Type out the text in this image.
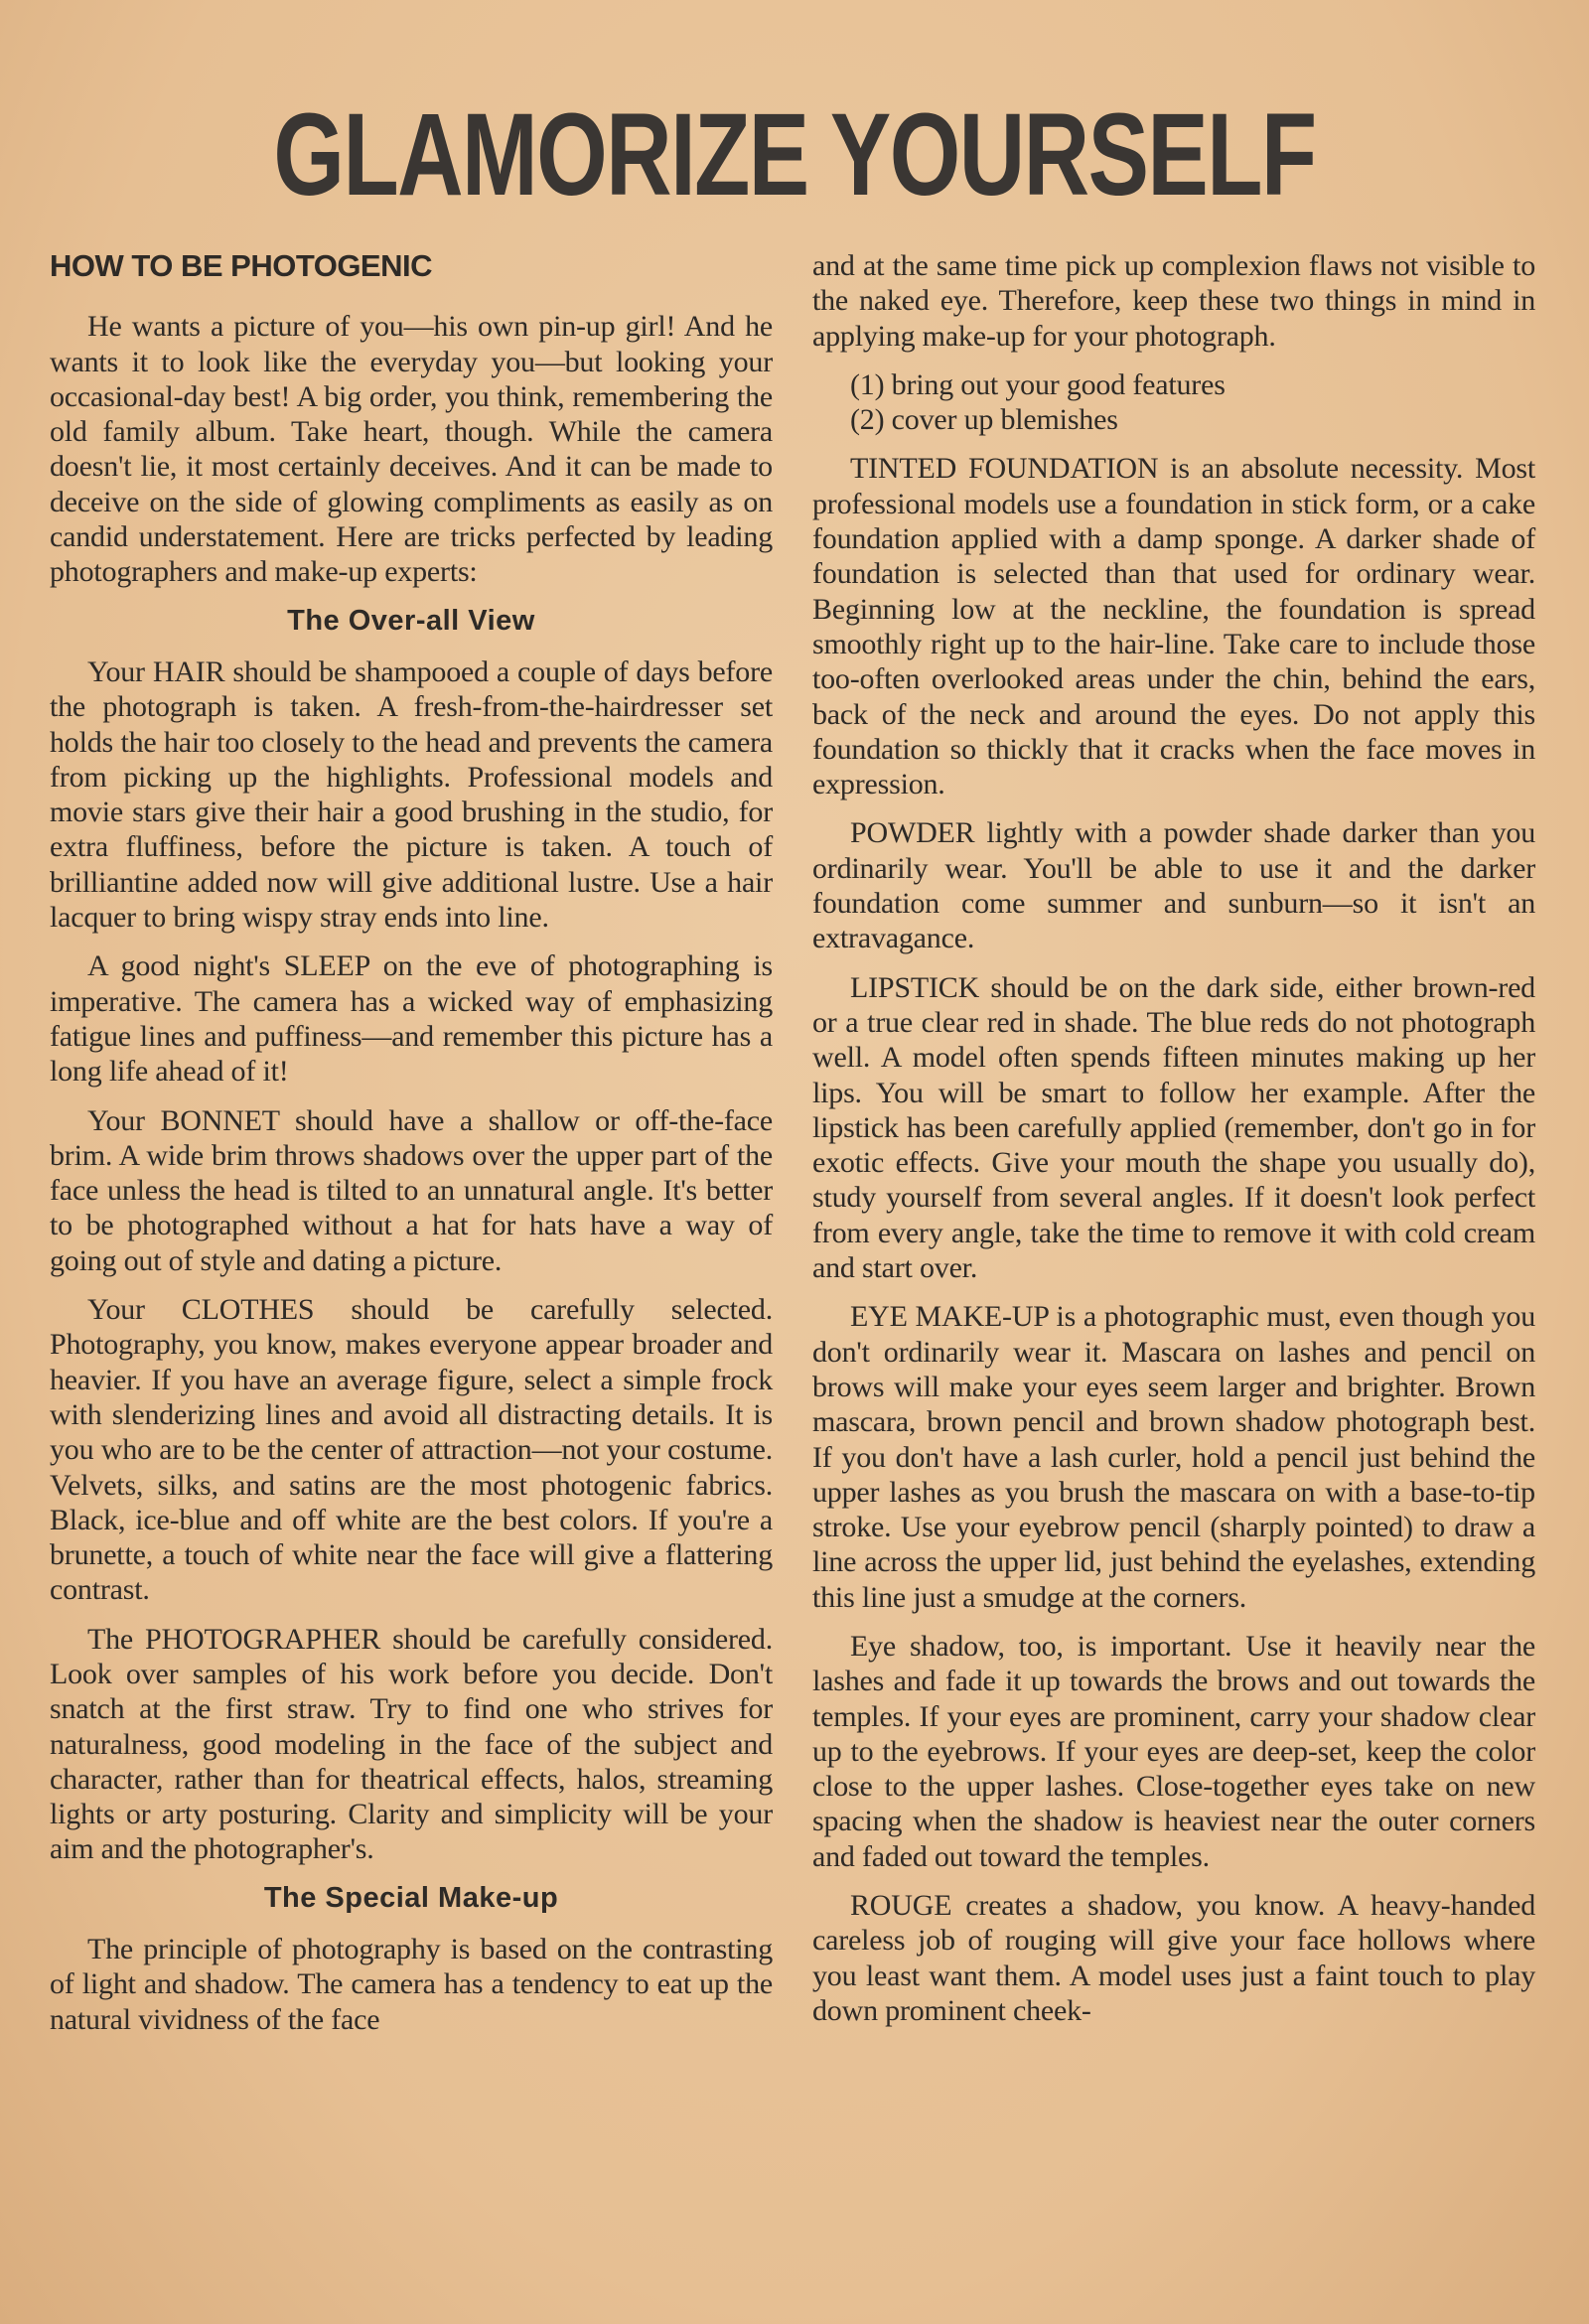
GLAMORIZE YOURSELF
HOW TO BE PHOTOGENIC

He wants a picture of you—his own pin-up girl! And he wants it to look like the everyday you—but looking your occasional-day best! A big order, you think, remembering the old family album. Take heart, though. While the camera doesn't lie, it most certainly deceives. And it can be made to deceive on the side of glowing compliments as easily as on candid understatement. Here are tricks perfected by leading photographers and make-up experts:

The Over-all View

Your HAIR should be shampooed a couple of days before the photograph is taken. A fresh-from-the-hairdresser set holds the hair too closely to the head and prevents the camera from picking up the highlights. Professional models and movie stars give their hair a good brushing in the studio, for extra fluffiness, before the picture is taken. A touch of brilliantine added now will give additional lustre. Use a hair lacquer to bring wispy stray ends into line.

A good night's SLEEP on the eve of photographing is imperative. The camera has a wicked way of emphasizing fatigue lines and puffiness—and remember this picture has a long life ahead of it!

Your BONNET should have a shallow or off-the-face brim. A wide brim throws shadows over the upper part of the face unless the head is tilted to an unnatural angle. It's better to be photographed without a hat for hats have a way of going out of style and dating a picture.

Your CLOTHES should be carefully selected. Photography, you know, makes everyone appear broader and heavier. If you have an average figure, select a simple frock with slenderizing lines and avoid all distracting details. It is you who are to be the center of attraction—not your costume. Velvets, silks, and satins are the most photogenic fabrics. Black, ice-blue and off white are the best colors. If you're a brunette, a touch of white near the face will give a flattering contrast.

The PHOTOGRAPHER should be carefully considered. Look over samples of his work before you decide. Don't snatch at the first straw. Try to find one who strives for naturalness, good modeling in the face of the subject and character, rather than for theatrical effects, halos, streaming lights or arty posturing. Clarity and simplicity will be your aim and the photographer's.

The Special Make-up

The principle of photography is based on the contrasting of light and shadow. The camera has a tendency to eat up the natural vividness of the face

and at the same time pick up complexion flaws not visible to the naked eye. Therefore, keep these two things in mind in applying make-up for your photograph.

(1) bring out your good features

(2) cover up blemishes

TINTED FOUNDATION is an absolute necessity. Most professional models use a foundation in stick form, or a cake foundation applied with a damp sponge. A darker shade of foundation is selected than that used for ordinary wear. Beginning low at the neckline, the foundation is spread smoothly right up to the hair-line. Take care to include those too-often overlooked areas under the chin, behind the ears, back of the neck and around the eyes. Do not apply this foundation so thickly that it cracks when the face moves in expression.

POWDER lightly with a powder shade darker than you ordinarily wear. You'll be able to use it and the darker foundation come summer and sunburn—so it isn't an extravagance.

LIPSTICK should be on the dark side, either brown-red or a true clear red in shade. The blue reds do not photograph well. A model often spends fifteen minutes making up her lips. You will be smart to follow her example. After the lipstick has been carefully applied (remember, don't go in for exotic effects. Give your mouth the shape you usually do), study yourself from several angles. If it doesn't look perfect from every angle, take the time to remove it with cold cream and start over.

EYE MAKE-UP is a photographic must, even though you don't ordinarily wear it. Mascara on lashes and pencil on brows will make your eyes seem larger and brighter. Brown mascara, brown pencil and brown shadow photograph best. If you don't have a lash curler, hold a pencil just behind the upper lashes as you brush the mascara on with a base-to-tip stroke. Use your eyebrow pencil (sharply pointed) to draw a line across the upper lid, just behind the eyelashes, extending this line just a smudge at the corners.

Eye shadow, too, is important. Use it heavily near the lashes and fade it up towards the brows and out towards the temples. If your eyes are prominent, carry your shadow clear up to the eyebrows. If your eyes are deep-set, keep the color close to the upper lashes. Close-together eyes take on new spacing when the shadow is heaviest near the outer corners and faded out toward the temples.

ROUGE creates a shadow, you know. A heavy-handed careless job of rouging will give your face hollows where you least want them. A model uses just a faint touch to play down prominent cheek-
